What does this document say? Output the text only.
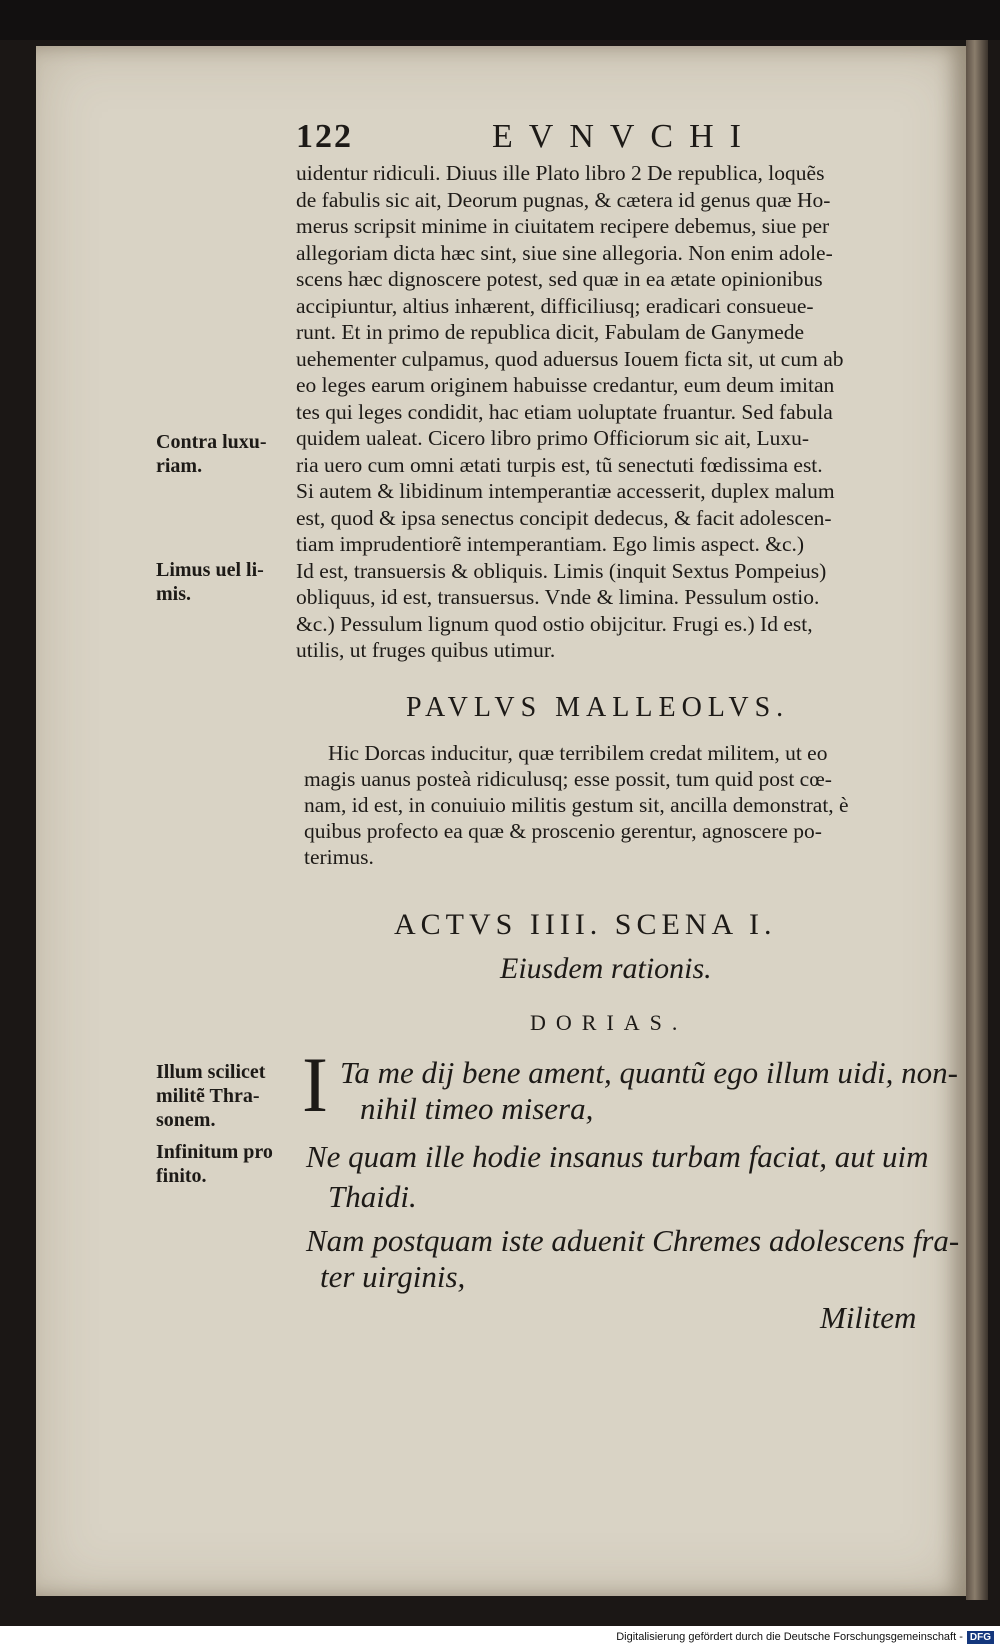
122	EVNVCHI

uidentur ridiculi. Diuus ille Plato libro 2 De republica, loquẽs

de fabulis sic ait, Deorum pugnas, & cætera id genus quæ Ho-

merus scripsit minime in ciuitatem recipere debemus, siue per

allegoriam dicta hæc sint, siue sine allegoria. Non enim adole-

scens hæc dignoscere potest, sed quæ in ea ætate opinionibus

accipiuntur, altius inhærent, difficiliusq; eradicari consueue-

runt. Et in primo de republica dicit, Fabulam de Ganymede

uehementer culpamus, quod aduersus Iouem ficta sit, ut cum ab

eo leges earum originem habuisse credantur, eum deum imitan

tes qui leges condidit, hac etiam uoluptate fruantur. Sed fabula

quidem ualeat. Cicero libro primo Officiorum sic ait, Luxu-

ria uero cum omni ætati turpis est, tũ senectuti fœdissima est.

Si autem & libidinum intemperantiæ accesserit, duplex malum

est, quod & ipsa senectus concipit dedecus, & facit adolescen-

tiam imprudentiorẽ intemperantiam. Ego limis aspect. &c.)

Id est, transuersis & obliquis. Limis (inquit Sextus Pompeius)

obliquus, id est, transuersus. Vnde & limina. Pessulum ostio.

&c.) Pessulum lignum quod ostio obijcitur. Frugi es.) Id est,

utilis, ut fruges quibus utimur.

Contra luxu- riam.
Limus uel li- mis.
PAVLVS MALLEOLVS.
Hic Dorcas inducitur, quæ terribilem credat militem, ut eo
magis uanus posteà ridiculusq; esse possit, tum quid post cœ-
nam, id est, in conuiuio militis gestum sit, ancilla demonstrat, è
quibus profecto ea quæ & proscenio gerentur, agnoscere po-
terimus.
ACTVS IIII. SCENA I.
Eiusdem rationis.
DORIAS.
Illum scilicet militẽ Thra- sonem.
Infinitum pro finito.
I Ta me dij bene ament, quantũ ego illum uidi, non-
nihil timeo misera,
Ne quam ille hodie insanus turbam faciat, aut uim
Thaidi.
Nam postquam iste aduenit Chremes adolescens fra-
ter uirginis,
Militem
Digitalisierung gefördert durch die Deutsche Forschungsgemeinschaft - DFG
